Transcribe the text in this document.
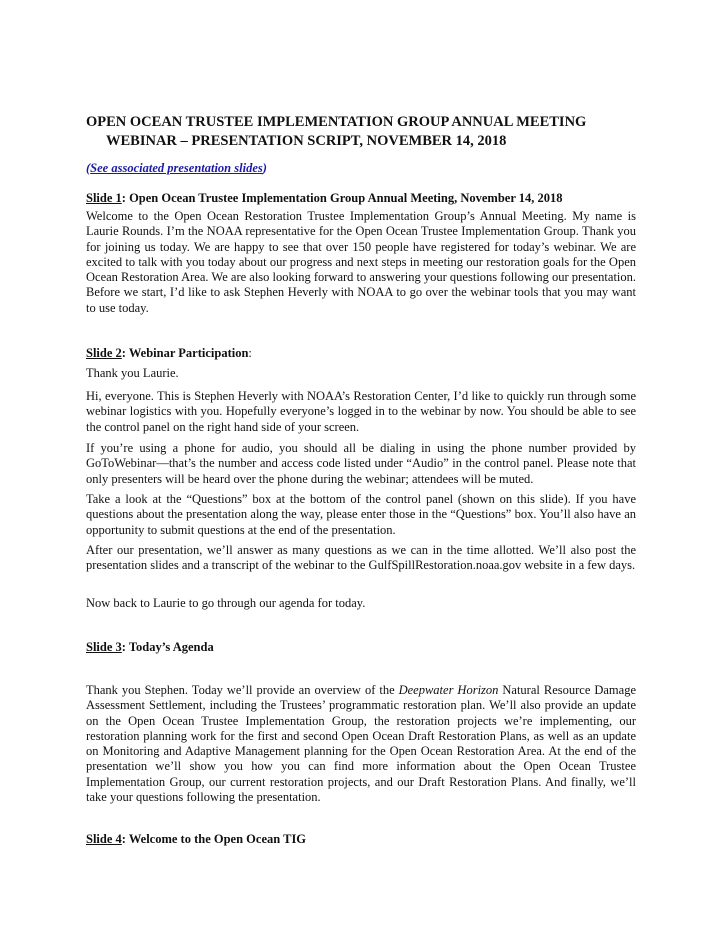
OPEN OCEAN TRUSTEE IMPLEMENTATION GROUP ANNUAL MEETING
WEBINAR – PRESENTATION SCRIPT, NOVEMBER 14, 2018
(See associated presentation slides)
Slide 1: Open Ocean Trustee Implementation Group Annual Meeting, November 14, 2018

Welcome to the Open Ocean Restoration Trustee Implementation Group’s Annual Meeting. My name is Laurie Rounds. I’m the NOAA representative for the Open Ocean Trustee Implementation Group. Thank you for joining us today. We are happy to see that over 150 people have registered for today’s webinar. We are excited to talk with you today about our progress and next steps in meeting our restoration goals for the Open Ocean Restoration Area. We are also looking forward to answering your questions following our presentation. Before we start, I’d like to ask Stephen Heverly with NOAA to go over the webinar tools that you may want to use today.

Slide 2: Webinar Participation:

Thank you Laurie.

Hi, everyone. This is Stephen Heverly with NOAA’s Restoration Center, I’d like to quickly run through some webinar logistics with you. Hopefully everyone’s logged in to the webinar by now. You should be able to see the control panel on the right hand side of your screen.

If you’re using a phone for audio, you should all be dialing in using the phone number provided by GoToWebinar—that’s the number and access code listed under “Audio” in the control panel. Please note that only presenters will be heard over the phone during the webinar; attendees will be muted.

Take a look at the “Questions” box at the bottom of the control panel (shown on this slide). If you have questions about the presentation along the way, please enter those in the “Questions” box. You’ll also have an opportunity to submit questions at the end of the presentation.

After our presentation, we’ll answer as many questions as we can in the time allotted. We’ll also post the presentation slides and a transcript of the webinar to the GulfSpillRestoration.noaa.gov website in a few days.

Now back to Laurie to go through our agenda for today.

Slide 3: Today’s Agenda

Thank you Stephen. Today we’ll provide an overview of the Deepwater Horizon Natural Resource Damage Assessment Settlement, including the Trustees’ programmatic restoration plan. We’ll also provide an update on the Open Ocean Trustee Implementation Group, the restoration projects we’re implementing, our restoration planning work for the first and second Open Ocean Draft Restoration Plans, as well as an update on Monitoring and Adaptive Management planning for the Open Ocean Restoration Area. At the end of the presentation we’ll show you how you can find more information about the Open Ocean Trustee Implementation Group, our current restoration projects, and our Draft Restoration Plans. And finally, we’ll take your questions following the presentation.

Slide 4: Welcome to the Open Ocean TIG
